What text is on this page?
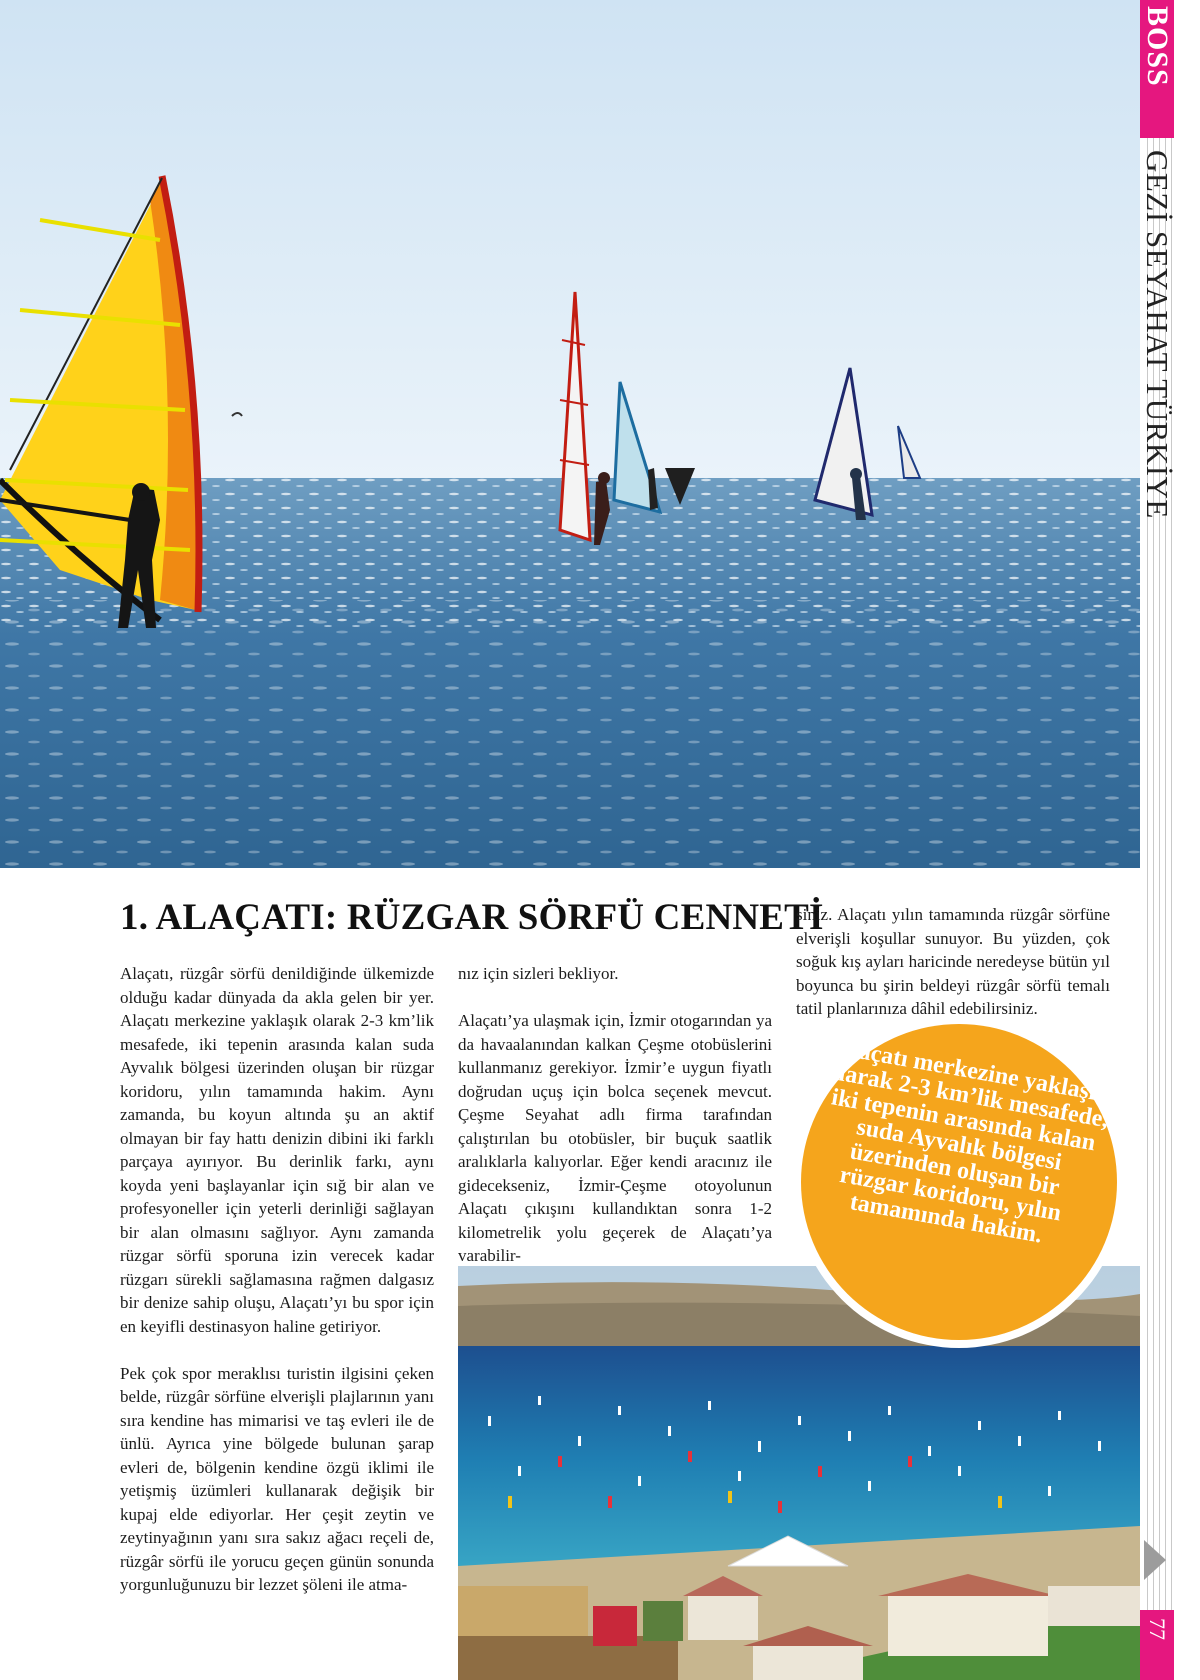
BOSS
GEZİ SEYAHAT TÜRKİYE
77
1. ALAÇATI: RÜZGAR SÖRFÜ CENNETİ

Alaçatı, rüzgâr sörfü denildiğinde ülkemizde olduğu kadar dünyada da akla gelen bir yer. Alaçatı merkezine yaklaşık olarak 2-3 km’lik mesafede, iki tepenin arasında kalan suda Ayvalık bölgesi üzerinden oluşan bir rüzgar koridoru, yılın tamamında hakim. Aynı zamanda, bu koyun altında şu an aktif olmayan bir fay hattı denizin dibini iki farklı parçaya ayırıyor. Bu derinlik farkı, aynı koyda yeni başlayanlar için sığ bir alan ve profesyoneller için yeterli derinliği sağlayan bir alan olmasını sağlıyor. Aynı zamanda rüzgar sörfü sporuna izin verecek kadar rüzgarı sürekli sağlamasına rağmen dalgasız bir denize sahip oluşu, Alaçatı’yı bu spor için en keyifli destinasyon haline getiriyor.

Pek çok spor meraklısı turistin ilgisini çeken belde, rüzgâr sörfüne elverişli plajlarının yanı sıra kendine has mimarisi ve taş evleri ile de ünlü. Ayrıca yine bölgede bulunan şarap evleri de, bölgenin kendine özgü iklimi ile yetişmiş üzümleri kullanarak değişik bir kupaj elde ediyorlar. Her çeşit zeytin ve zeytinyağının yanı sıra sakız ağacı reçeli de, rüzgâr sörfü ile yorucu geçen günün sonunda yorgunluğunuzu bir lezzet şöleni ile atma-

nız için sizleri bekliyor.

Alaçatı’ya ulaşmak için, İzmir otogarından ya da havaalanından kalkan Çeşme otobüslerini kullanmanız gerekiyor. İzmir’e uygun fiyatlı doğrudan uçuş için bolca seçenek mevcut. Çeşme Seyahat adlı firma tarafından çalıştırılan bu otobüsler, bir buçuk saatlik aralıklarla kalıyorlar. Eğer kendi aracınız ile gidecekseniz, İzmir-Çeşme otoyolunun Alaçatı çıkışını kullandıktan sonra 1-2 kilometrelik yolu geçerek de Alaçatı’ya varabilir-

siniz. Alaçatı yılın tamamında rüzgâr sörfüne elverişli koşullar sunuyor. Bu yüzden, çok soğuk kış ayları haricinde neredeyse bütün yıl boyunca bu şirin beldeyi rüzgâr sörfü temalı tatil planlarınıza dâhil edebilirsiniz.

Alaçatı merkezine yaklaşık olarak 2-3 km’lik mesafede, iki tepenin arasında kalan suda Ayvalık bölgesi üzerinden oluşan bir rüzgar koridoru, yılın tamamında hakim.
